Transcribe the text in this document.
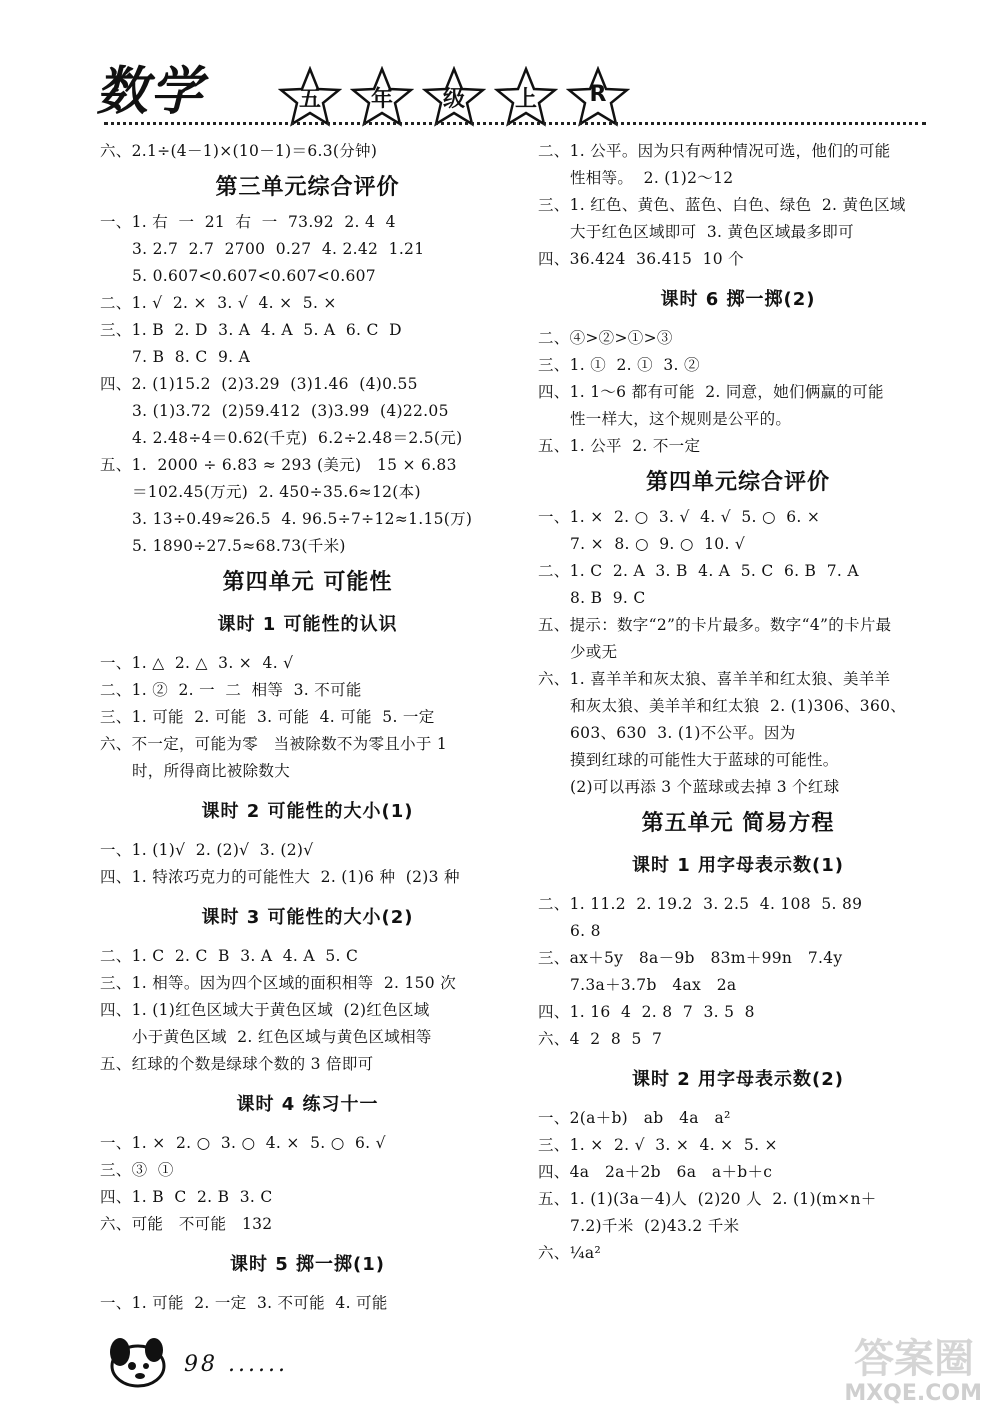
数学	五	年	级	上	R
六、2.1÷(4－1)×(10－1)＝6.3(分钟)
第三单元综合评价
一、1. 右  一  21  右  一  73.92  2. 4  4
3. 2.7  2.7  2700  0.27  4. 2.42  1.21
5. 0.607<0.607<0.607<0.607
二、1. √  2. ×  3. √  4. ×  5. ×
三、1. B  2. D  3. A  4. A  5. A  6. C  D
7. B  8. C  9. A
四、2. (1)15.2  (2)3.29  (3)1.46  (4)0.55
3. (1)3.72  (2)59.412  (3)3.99  (4)22.05
4. 2.48÷4＝0.62(千克)  6.2÷2.48＝2.5(元)
五、1.  2000 ÷ 6.83 ≈ 293 (美元)   15 × 6.83
＝102.45(万元)  2. 450÷35.6≈12(本)
3. 13÷0.49≈26.5  4. 96.5÷7÷12≈1.15(万)
5. 1890÷27.5≈68.73(千米)
第四单元 可能性
课时 1 可能性的认识
一、1. △  2. △  3. ×  4. √
二、1. ②  2. 一  二  相等  3. 不可能
三、1. 可能  2. 可能  3. 可能  4. 可能  5. 一定
六、不一定，可能为零   当被除数不为零且小于 1
时，所得商比被除数大
课时 2 可能性的大小(1)
一、1. (1)√  2. (2)√  3. (2)√
四、1. 特浓巧克力的可能性大  2. (1)6 种  (2)3 种
课时 3 可能性的大小(2)
二、1. C  2. C  B  3. A  4. A  5. C
三、1. 相等。因为四个区域的面积相等  2. 150 次
四、1. (1)红色区域大于黄色区域  (2)红色区域
小于黄色区域  2. 红色区域与黄色区域相等
五、红球的个数是绿球个数的 3 倍即可
课时 4 练习十一
一、1. ×  2. ○  3. ○  4. ×  5. ○  6. √
三、③  ①
四、1. B  C  2. B  3. C
六、可能   不可能   132
课时 5 掷一掷(1)
一、1. 可能  2. 一定  3. 不可能  4. 可能
二、1. 公平。因为只有两种情况可选，他们的可能
性相等。  2. (1)2～12
三、1. 红色、黄色、蓝色、白色、绿色  2. 黄色区域
大于红色区域即可  3. 黄色区域最多即可
四、36.424  36.415  10 个
课时 6 掷一掷(2)
二、④>②>①>③
三、1. ①  2. ①  3. ②
四、1. 1～6 都有可能  2. 同意，她们俩赢的可能
性一样大，这个规则是公平的。
五、1. 公平  2. 不一定
第四单元综合评价
一、1. ×  2. ○  3. √  4. √  5. ○  6. ×
7. ×  8. ○  9. ○  10. √
二、1. C  2. A  3. B  4. A  5. C  6. B  7. A
8. B  9. C
五、提示：数字“2”的卡片最多。数字“4”的卡片最
少或无
六、1. 喜羊羊和灰太狼、喜羊羊和红太狼、美羊羊
和灰太狼、美羊羊和红太狼  2. (1)306、360、
603、630  3. (1)不公平。因为
摸到红球的可能性大于蓝球的可能性。
(2)可以再添 3 个蓝球或去掉 3 个红球
第五单元 简易方程
课时 1 用字母表示数(1)
二、1. 11.2  2. 19.2  3. 2.5  4. 108  5. 89
6. 8
三、ax＋5y   8a－9b   83m＋99n   7.4y
7.3a＋3.7b   4ax   2a
四、1. 16  4  2. 8  7  3. 5  8
六、4  2  8  5  7
课时 2 用字母表示数(2)
一、2(a＋b)   ab   4a   a²
三、1. ×  2. √  3. ×  4. ×  5. ×
四、4a   2a＋2b   6a   a＋b＋c
五、1. (1)(3a－4)人  (2)20 人  2. (1)(m×n＋
7.2)千米  (2)43.2 千米
六、¼a²
98 ......	答案圈
MXQE.COM
